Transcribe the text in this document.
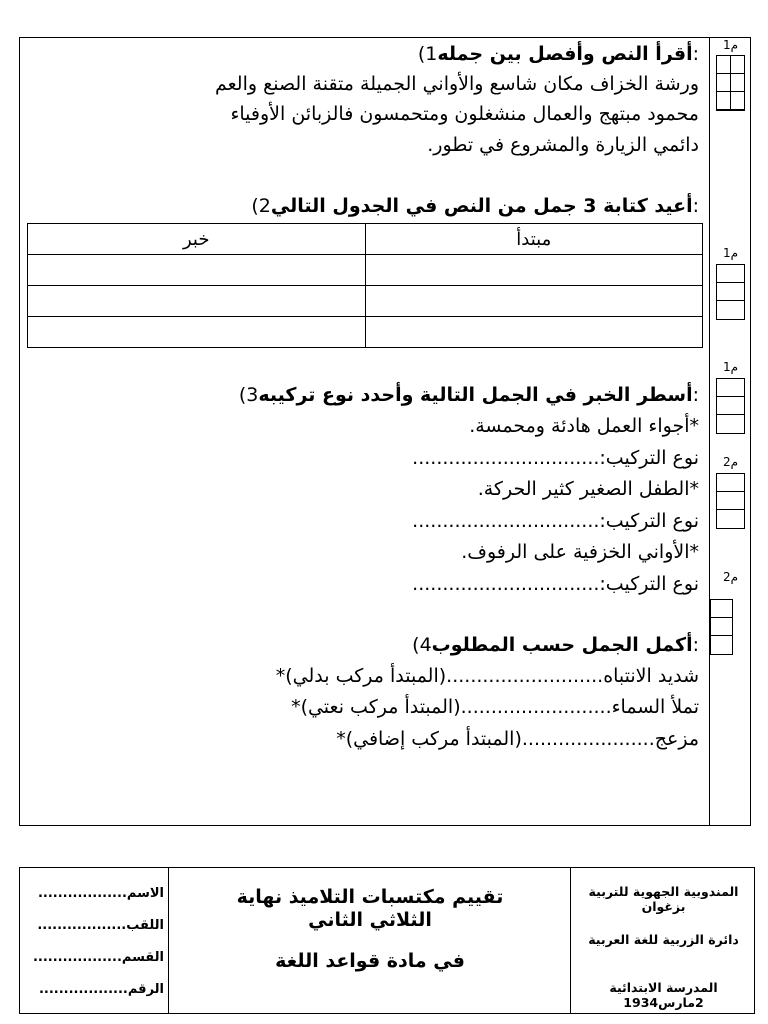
:أقرأ النص وأفصل بين جمله1)
ورشة الخزاف مكان شاسع والأواني الجميلة متقنة الصنع والعم
محمود مبتهج والعمال منشغلون ومتحمسون فالزبائن الأوفياء
دائمي الزيارة والمشروع في تطور.
:أعيد كتابة 3 جمل من النص في الجدول التالي2)
مبتدأ	خبر

:أسطر الخبر في الجمل التالية وأحدد نوع تركيبه3)
*أجواء العمل هادئة ومحمسة.
نوع التركيب:...............................
*الطفل الصغير كثير الحركة.
نوع التركيب:...............................
*الأواني الخزفية على الرفوف.
نوع التركيب:...............................
:أكمل الجمل حسب المطلوب4)
شديد الانتباه..........................(المبتدأ مركب بدلي)*
تملأ السماء.........................(المبتدأ مركب نعتي)*
مزعج......................(المبتدأ مركب إضافي)*
م1
م1
م1
م2
م2
الاسم..................
اللقب..................
القسم..................
الرقم..................
تقييم مكتسبات التلاميذ نهاية
الثلاثي الثاني
في مادة قواعد اللغة
المندوبية الجهوية للتربية بزغوان
دائرة الزربية للغة العربية
المدرسة الابتدائية 2مارس1934
